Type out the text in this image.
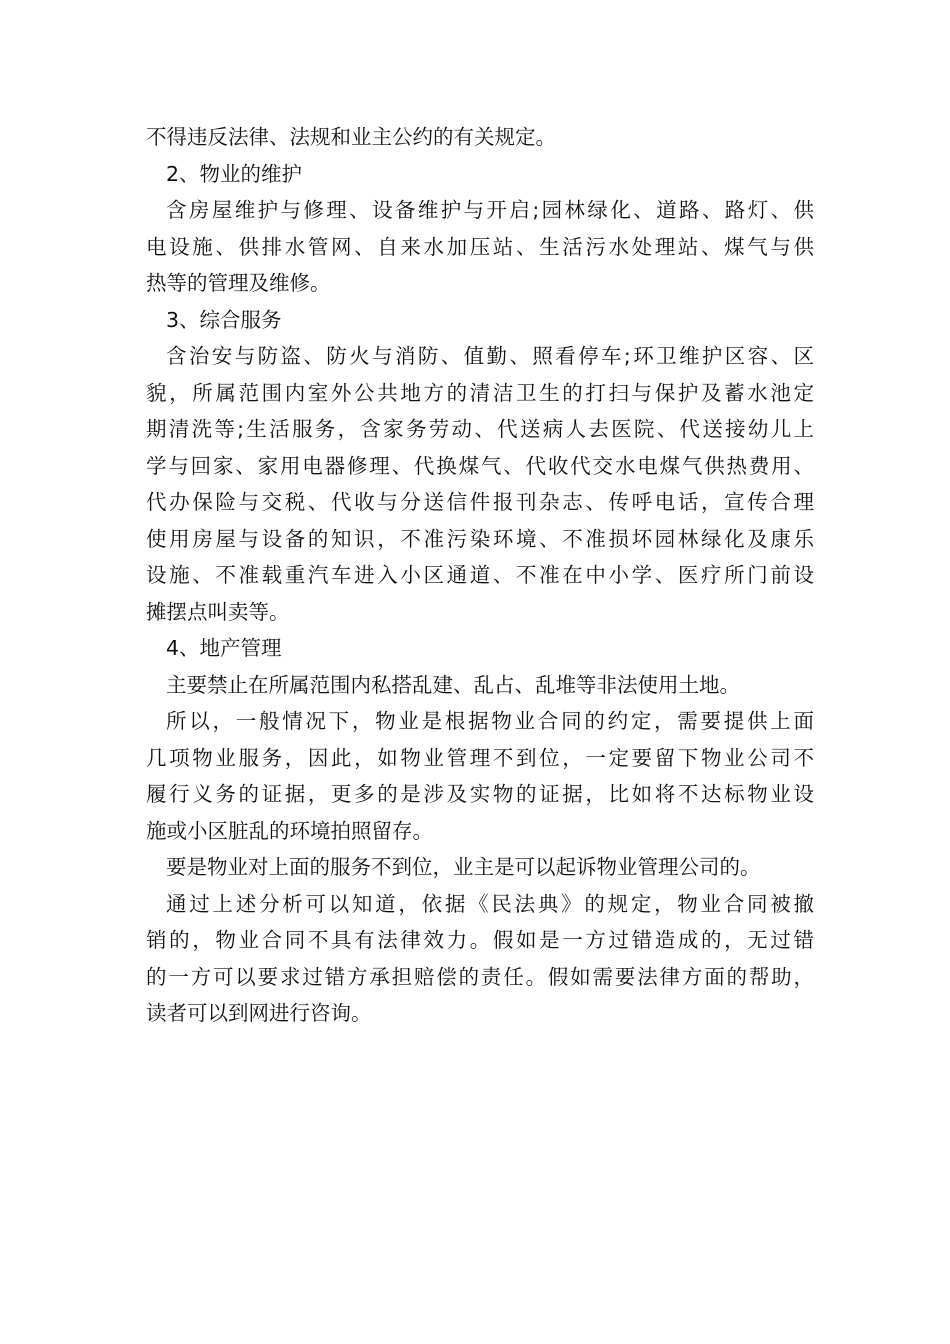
不得违反法律、法规和业主公约的有关规定。
2、物业的维护
含房屋维护与修理、设备维护与开启;园林绿化、道路、路灯、供
电设施、供排水管网、自来水加压站、生活污水处理站、煤气与供
热等的管理及维修。
3、综合服务
含治安与防盗、防火与消防、值勤、照看停车;环卫维护区容、区
貌，所属范围内室外公共地方的清洁卫生的打扫与保护及蓄水池定
期清洗等;生活服务，含家务劳动、代送病人去医院、代送接幼儿上
学与回家、家用电器修理、代换煤气、代收代交水电煤气供热费用、
代办保险与交税、代收与分送信件报刊杂志、传呼电话，宣传合理
使用房屋与设备的知识，不准污染环境、不准损坏园林绿化及康乐
设施、不准载重汽车进入小区通道、不准在中小学、医疗所门前设
摊摆点叫卖等。
4、地产管理
主要禁止在所属范围内私搭乱建、乱占、乱堆等非法使用土地。
所以，一般情况下，物业是根据物业合同的约定，需要提供上面
几项物业服务，因此，如物业管理不到位，一定要留下物业公司不
履行义务的证据，更多的是涉及实物的证据，比如将不达标物业设
施或小区脏乱的环境拍照留存。
要是物业对上面的服务不到位，业主是可以起诉物业管理公司的。
通过上述分析可以知道，依据《民法典》的规定，物业合同被撤
销的，物业合同不具有法律效力。假如是一方过错造成的，无过错
的一方可以要求过错方承担赔偿的责任。假如需要法律方面的帮助，
读者可以到网进行咨询。
